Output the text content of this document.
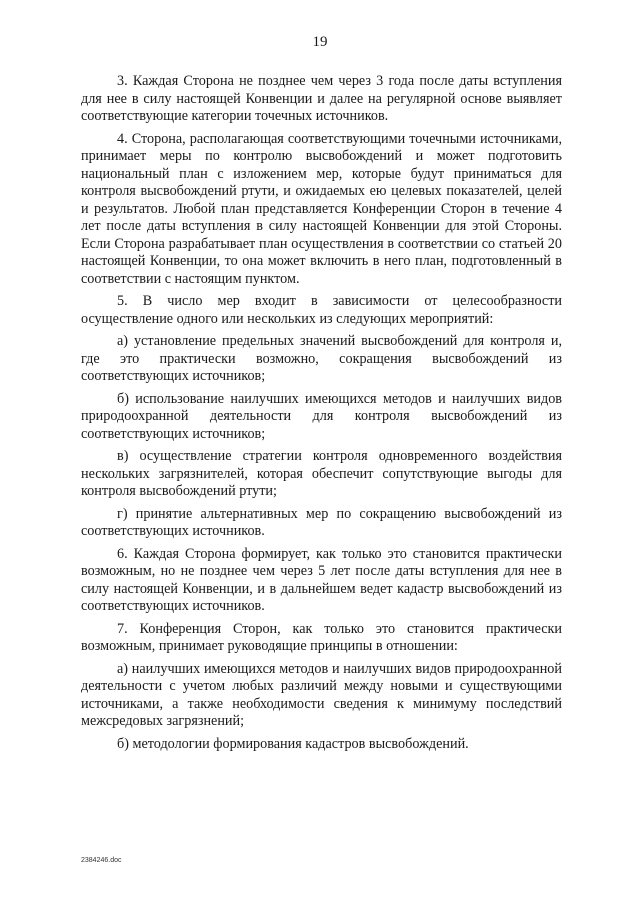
19

3. Каждая Сторона не позднее чем через 3 года после даты вступления для нее в силу настоящей Конвенции и далее на регулярной основе выявляет соответствующие категории точечных источников.

4. Сторона, располагающая соответствующими точечными источниками, принимает меры по контролю высвобождений и может подготовить национальный план с изложением мер, которые будут приниматься для контроля высвобождений ртути, и ожидаемых ею целевых показателей, целей и результатов. Любой план представляется Конференции Сторон в течение 4 лет после даты вступления в силу настоящей Конвенции для этой Стороны. Если Сторона разрабатывает план осуществления в соответствии со статьей 20 настоящей Конвенции, то она может включить в него план, подготовленный в соответствии с настоящим пунктом.

5. В число мер входит в зависимости от целесообразности осуществление одного или нескольких из следующих мероприятий:

а) установление предельных значений высвобождений для контроля и, где это практически возможно, сокращения высвобождений из соответствующих источников;

б) использование наилучших имеющихся методов и наилучших видов природоохранной деятельности для контроля высвобождений из соответствующих источников;

в) осуществление стратегии контроля одновременного воздействия нескольких загрязнителей, которая обеспечит сопутствующие выгоды для контроля высвобождений ртути;

г) принятие альтернативных мер по сокращению высвобождений из соответствующих источников.

6. Каждая Сторона формирует, как только это становится практически возможным, но не позднее чем через 5 лет после даты вступления для нее в силу настоящей Конвенции, и в дальнейшем ведет кадастр высвобождений из соответствующих источников.

7. Конференция Сторон, как только это становится практически возможным, принимает руководящие принципы в отношении:

а) наилучших имеющихся методов и наилучших видов природоохранной деятельности с учетом любых различий между новыми и существующими источниками, а также необходимости сведения к минимуму последствий межсредовых загрязнений;

б) методологии формирования кадастров высвобождений.

2384246.doc
